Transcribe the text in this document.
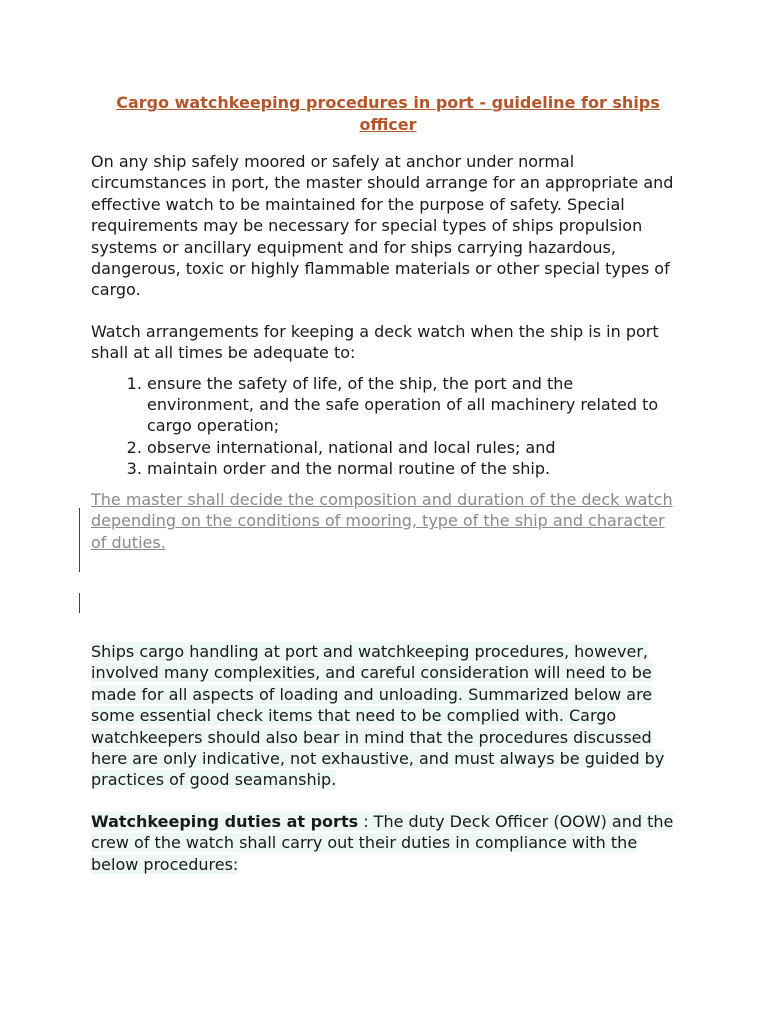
Cargo watchkeeping procedures in port - guideline for ships officer

On any ship safely moored or safely at anchor under normal circumstances in port, the master should arrange for an appropriate and effective watch to be maintained for the purpose of safety. Special requirements may be necessary for special types of ships propulsion systems or ancillary equipment and for ships carrying hazardous, dangerous, toxic or highly flammable materials or other special types of cargo.

Watch arrangements for keeping a deck watch when the ship is in port shall at all times be adequate to:

1. ensure the safety of life, of the ship, the port and the environment, and the safe operation of all machinery related to cargo operation;
2. observe international, national and local rules; and
3. maintain order and the normal routine of the ship.
The master shall decide the composition and duration of the deck watch depending on the conditions of mooring, type of the ship and character of duties.

Ships cargo handling at port and watchkeeping procedures, however, involved many complexities, and careful consideration will need to be made for all aspects of loading and unloading. Summarized below are some essential check items that need to be complied with. Cargo watchkeepers should also bear in mind that the procedures discussed here are only indicative, not exhaustive, and must always be guided by practices of good seamanship.

Watchkeeping duties at ports : The duty Deck Officer (OOW) and the crew of the watch shall carry out their duties in compliance with the below procedures:
